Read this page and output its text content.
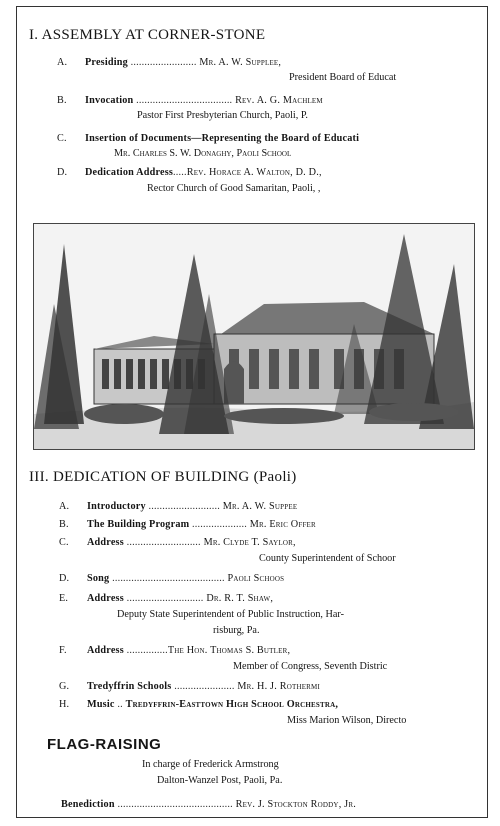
I. ASSEMBLY AT CORNER-STONE
A. Presiding ........................ Mr. A. W. Supplee,
President Board of Educat
B. Invocation ................................... Rev. A. G. Machlem
Pastor First Presbyterian Church, Paoli, P.
C. Insertion of Documents—Representing the Board of Educati
Mr. Charles S. W. Donaghy, Paoli School
D. Dedication Address.....Rev. Horace A. Walton, D. D.,
Rector Church of Good Samaritan, Paoli, ,
III. DEDICATION OF BUILDING (Paoli)
A. Introductory .......................... Mr. A. W. Suppee
B. The Building Program .................... Mr. Eric Offer
C. Address ........................... Mr. Clyde T. Saylor,
County Superintendent of Schoor
D. Song ......................................... Paoli Schoos
E. Address ............................ Dr. R. T. Shaw,
Deputy State Superintendent of Public Instruction, Har-
risburg, Pa.
F. Address ...............The Hon. Thomas S. Butler,
Member of Congress, Seventh Distric
G. Tredyffrin Schools ...................... Mr. H. J. Rothermi
H. Music .. Tredyffrin-Easttown High School Orchestra,
Miss Marion Wilson, Directo
FLAG-RAISING
In charge of Frederick Armstrong
Dalton-Wanzel Post, Paoli, Pa.
Benediction .......................................... Rev. J. Stockton Roddy, Jr.
